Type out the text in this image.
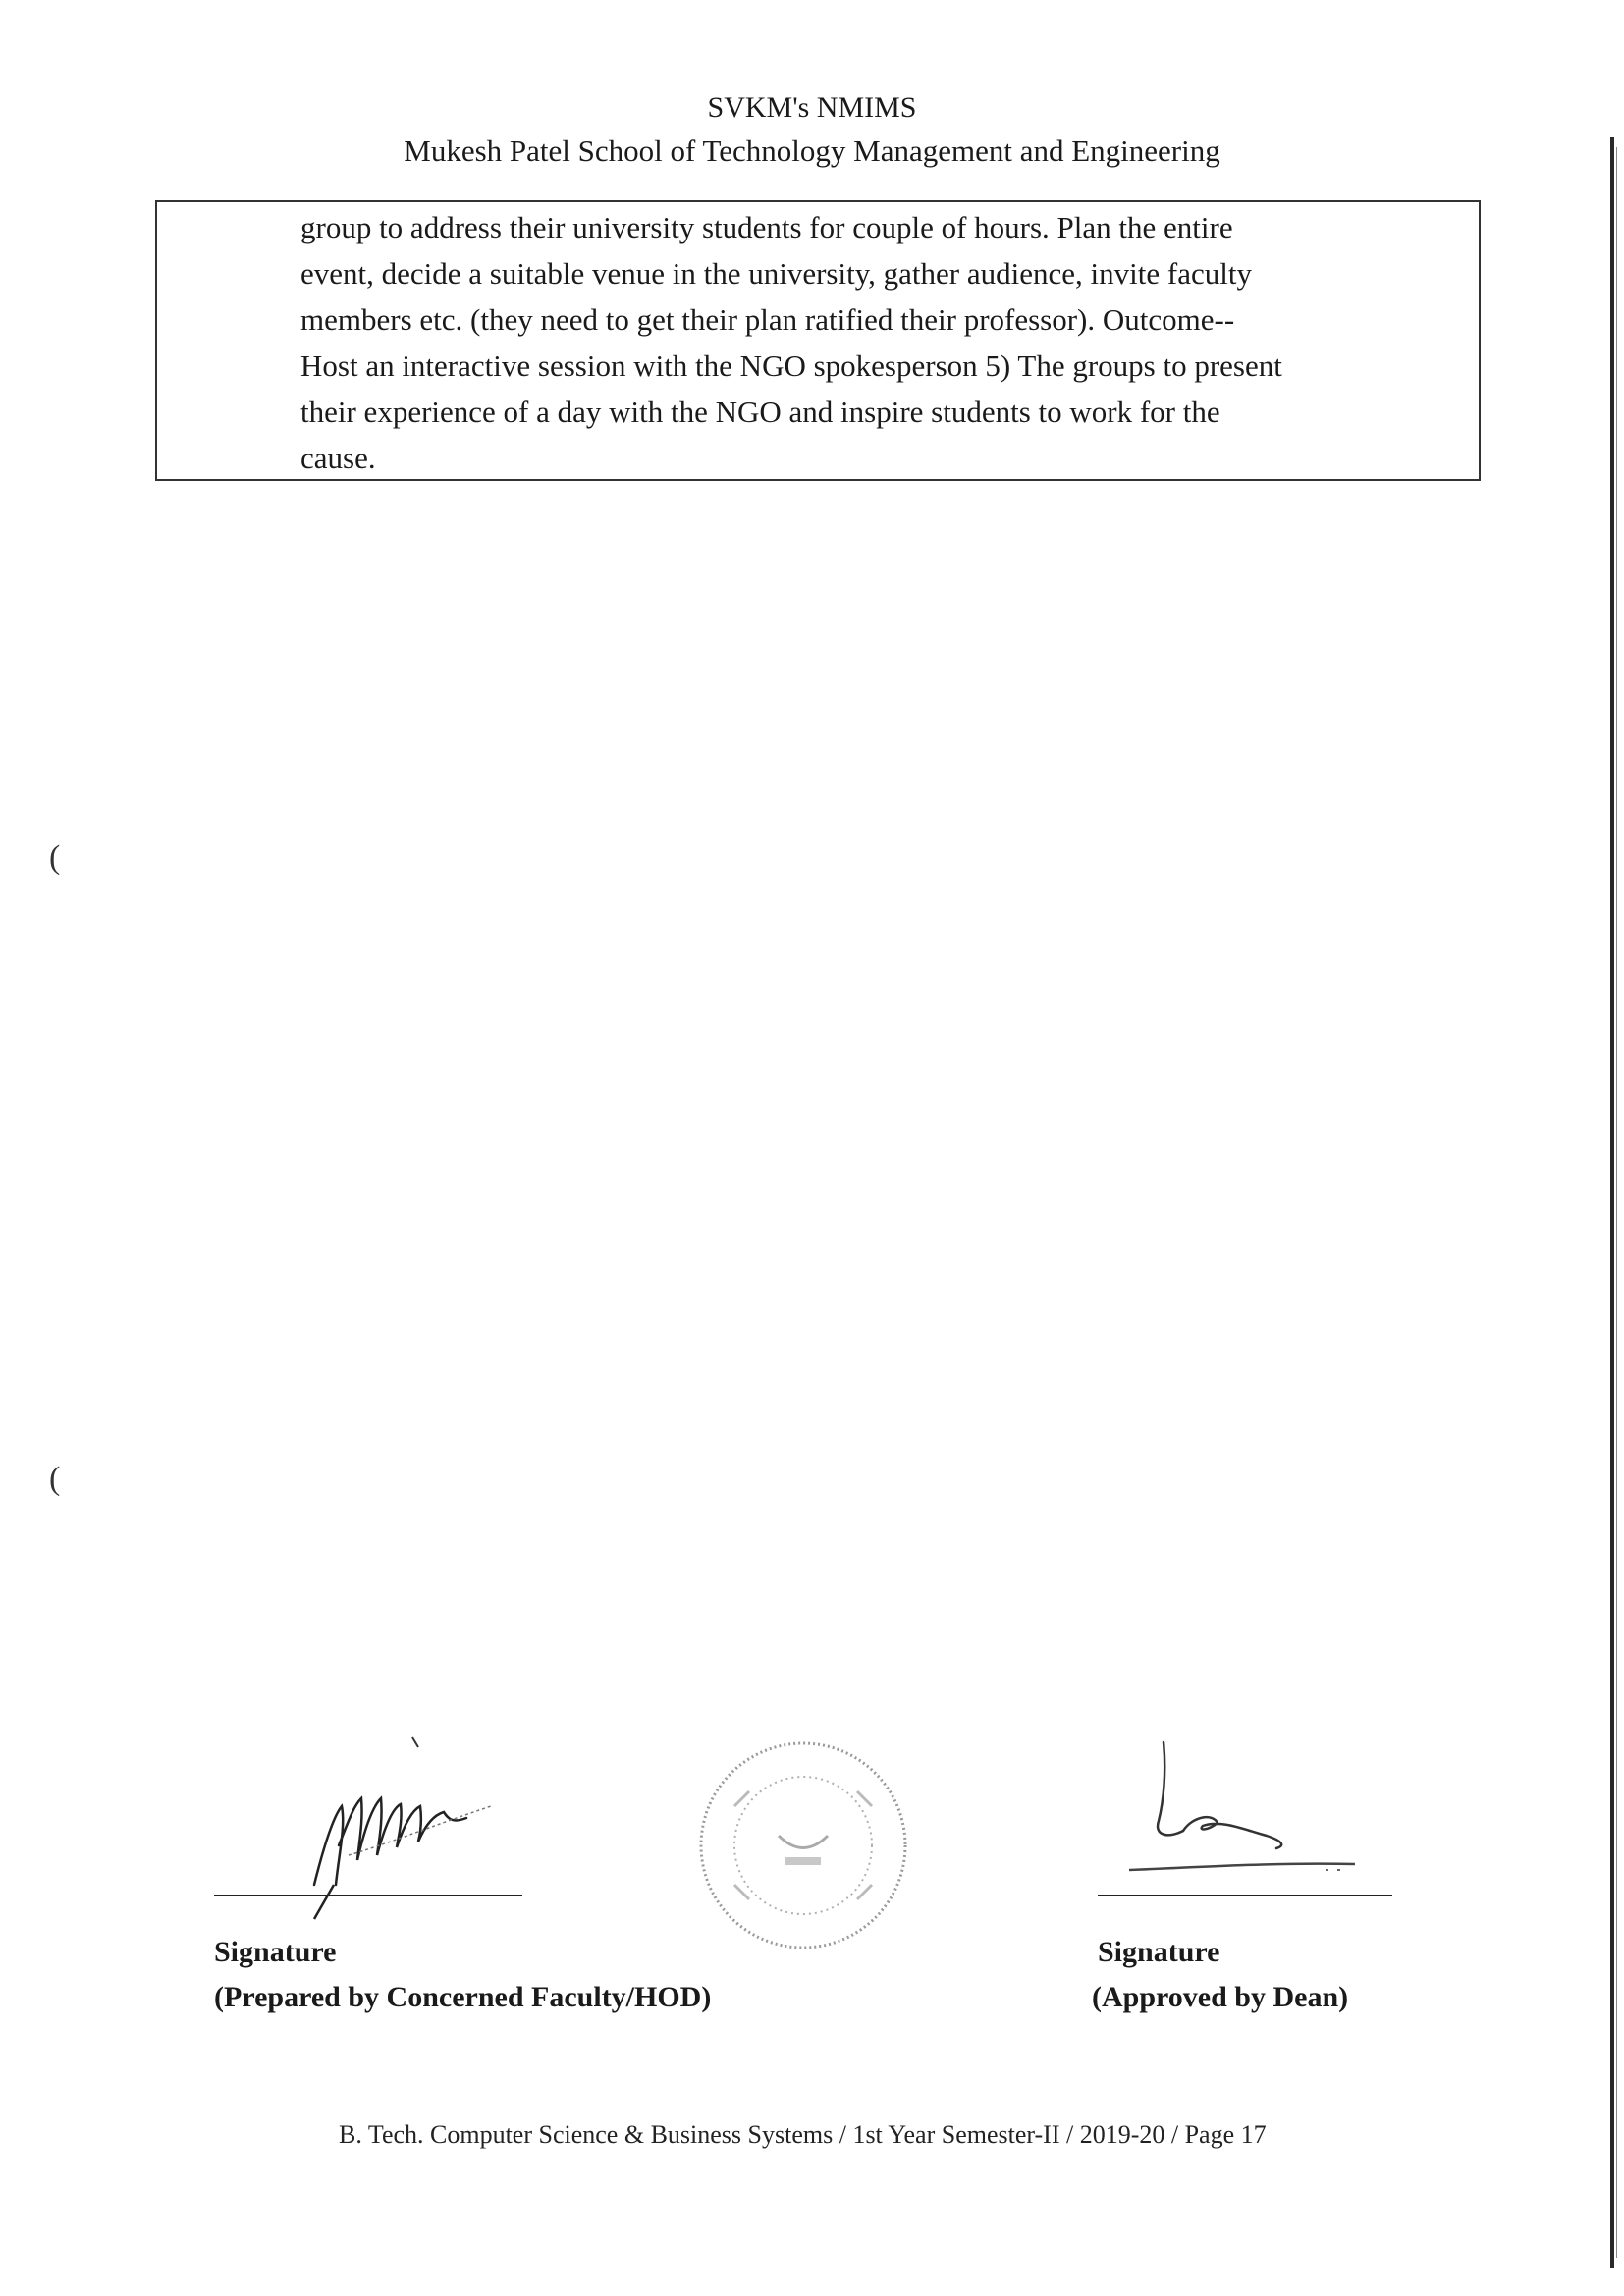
SVKM's NMIMS
Mukesh Patel School of Technology Management and Engineering
group to address their university students for couple of hours. Plan the entire
event, decide a suitable venue in the university, gather audience, invite faculty
members etc. (they need to get their plan ratified their professor). Outcome--
Host an interactive session with the NGO spokesperson 5) The groups to present
their experience of a day with the NGO and inspire students to work for the
cause.
(
(
Signature
(Prepared by Concerned Faculty/HOD)
Signature
(Approved by Dean)
B. Tech. Computer Science & Business Systems / 1st Year Semester-II / 2019-20 / Page 17
